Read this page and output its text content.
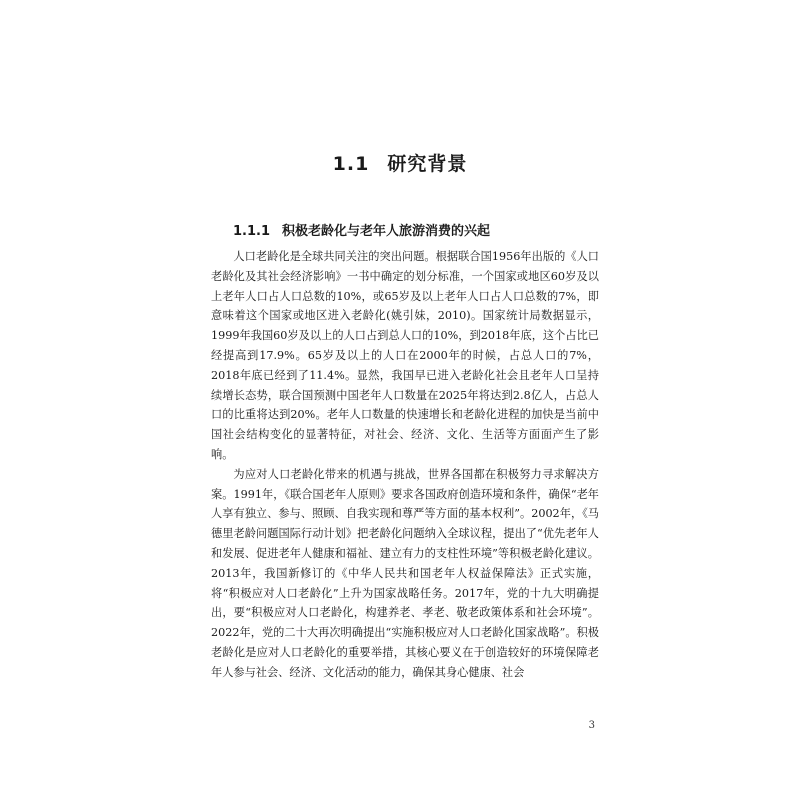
1.1 研究背景
1.1.1 积极老龄化与老年人旅游消费的兴起

人口老龄化是全球共同关注的突出问题。根据联合国1956年出版的《人口老龄化及其社会经济影响》一书中确定的划分标准，一个国家或地区60岁及以上老年人口占人口总数的10%，或65岁及以上老年人口占人口总数的7%，即意味着这个国家或地区进入老龄化(姚引妹，2010)。国家统计局数据显示，1999年我国60岁及以上的人口占到总人口的10%，到2018年底，这个占比已经提高到17.9%。65岁及以上的人口在2000年的时候，占总人口的7%，2018年底已经到了11.4%。显然，我国早已进入老龄化社会且老年人口呈持续增长态势，联合国预测中国老年人口数量在2025年将达到2.8亿人，占总人口的比重将达到20%。老年人口数量的快速增长和老龄化进程的加快是当前中国社会结构变化的显著特征，对社会、经济、文化、生活等方面面产生了影响。

为应对人口老龄化带来的机遇与挑战，世界各国都在积极努力寻求解决方案。1991年，《联合国老年人原则》要求各国政府创造环境和条件，确保“老年人享有独立、参与、照顾、自我实现和尊严等方面的基本权利”。2002年，《马德里老龄问题国际行动计划》把老龄化问题纳入全球议程，提出了“优先老年人和发展、促进老年人健康和福祉、建立有力的支柱性环境”等积极老龄化建议。2013年，我国新修订的《中华人民共和国老年人权益保障法》正式实施，将“积极应对人口老龄化”上升为国家战略任务。2017年，党的十九大明确提出，要“积极应对人口老龄化，构建养老、孝老、敬老政策体系和社会环境”。2022年，党的二十大再次明确提出“实施积极应对人口老龄化国家战略”。积极老龄化是应对人口老龄化的重要举措，其核心要义在于创造较好的环境保障老年人参与社会、经济、文化活动的能力，确保其身心健康、社会

3
